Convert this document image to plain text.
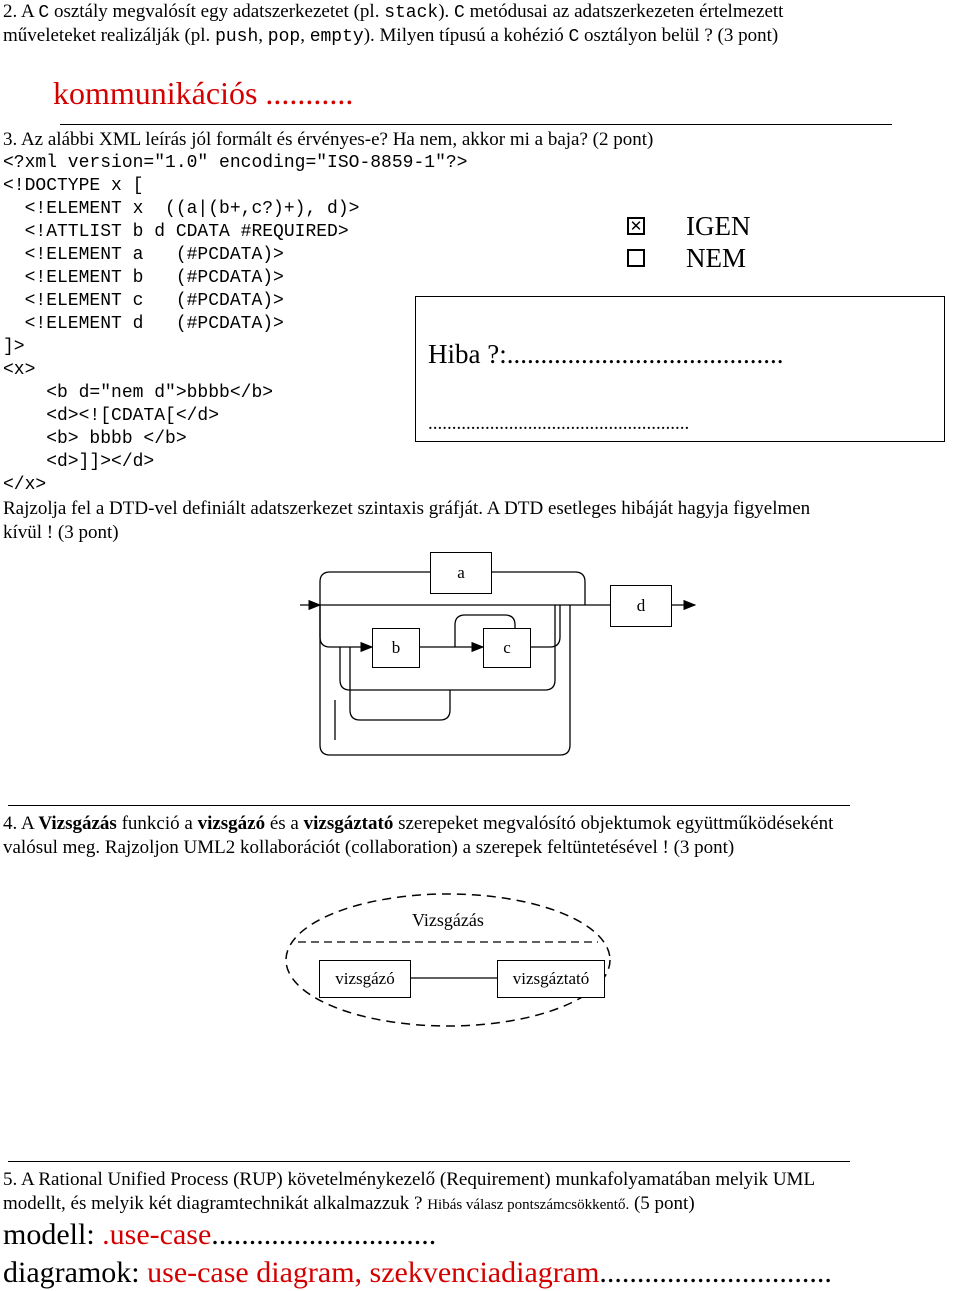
2. A C osztály megvalósít egy adatszerkezetet (pl. stack). C metódusai az adatszerkezeten értelmezett
műveleteket realizálják (pl. push, pop, empty). Milyen típusú a kohézió C osztályon belül ? (3 pont)
kommunikációs ...........
3. Az alábbi XML leírás jól formált és érvényes-e? Ha nem, akkor mi a baja? (2 pont)
<?xml version="1.0" encoding="ISO-8859-1"?>
<!DOCTYPE x [
<!ELEMENT x  ((a|(b+,c?)+), d)>
<!ATTLIST b d CDATA #REQUIRED>
<!ELEMENT a   (#PCDATA)>
<!ELEMENT b   (#PCDATA)>
<!ELEMENT c   (#PCDATA)>
<!ELEMENT d   (#PCDATA)>
]>
<x>
<b d="nem d">bbbb</b>
<d><![CDATA[</d>
<b> bbbb </b>
<d>]]></d>
</x>
✕ IGEN
NEM
Hiba ?:.........................................
.......................................................
Rajzolja fel a DTD-vel definiált adatszerkezet szintaxis gráfját. A DTD esetleges hibáját hagyja figyelmen
kívül ! (3 pont)
a
d
b	c
4. A Vizsgázás funkció a vizsgázó és a vizsgáztató szerepeket megvalósító objektumok együttműködéseként
valósul meg. Rajzoljon UML2 kollaborációt (collaboration) a szerepek feltüntetésével ! (3 pont)
Vizsgázás
vizsgázó	vizsgáztató
5. A Rational Unified Process (RUP) követelménykezelő (Requirement) munkafolyamatában melyik UML
modellt, és melyik két diagramtechnikát alkalmazzuk ? Hibás válasz pontszámcsökkentő. (5 pont)
modell: .use-case..............................
diagramok: use-case diagram, szekvenciadiagram...............................
